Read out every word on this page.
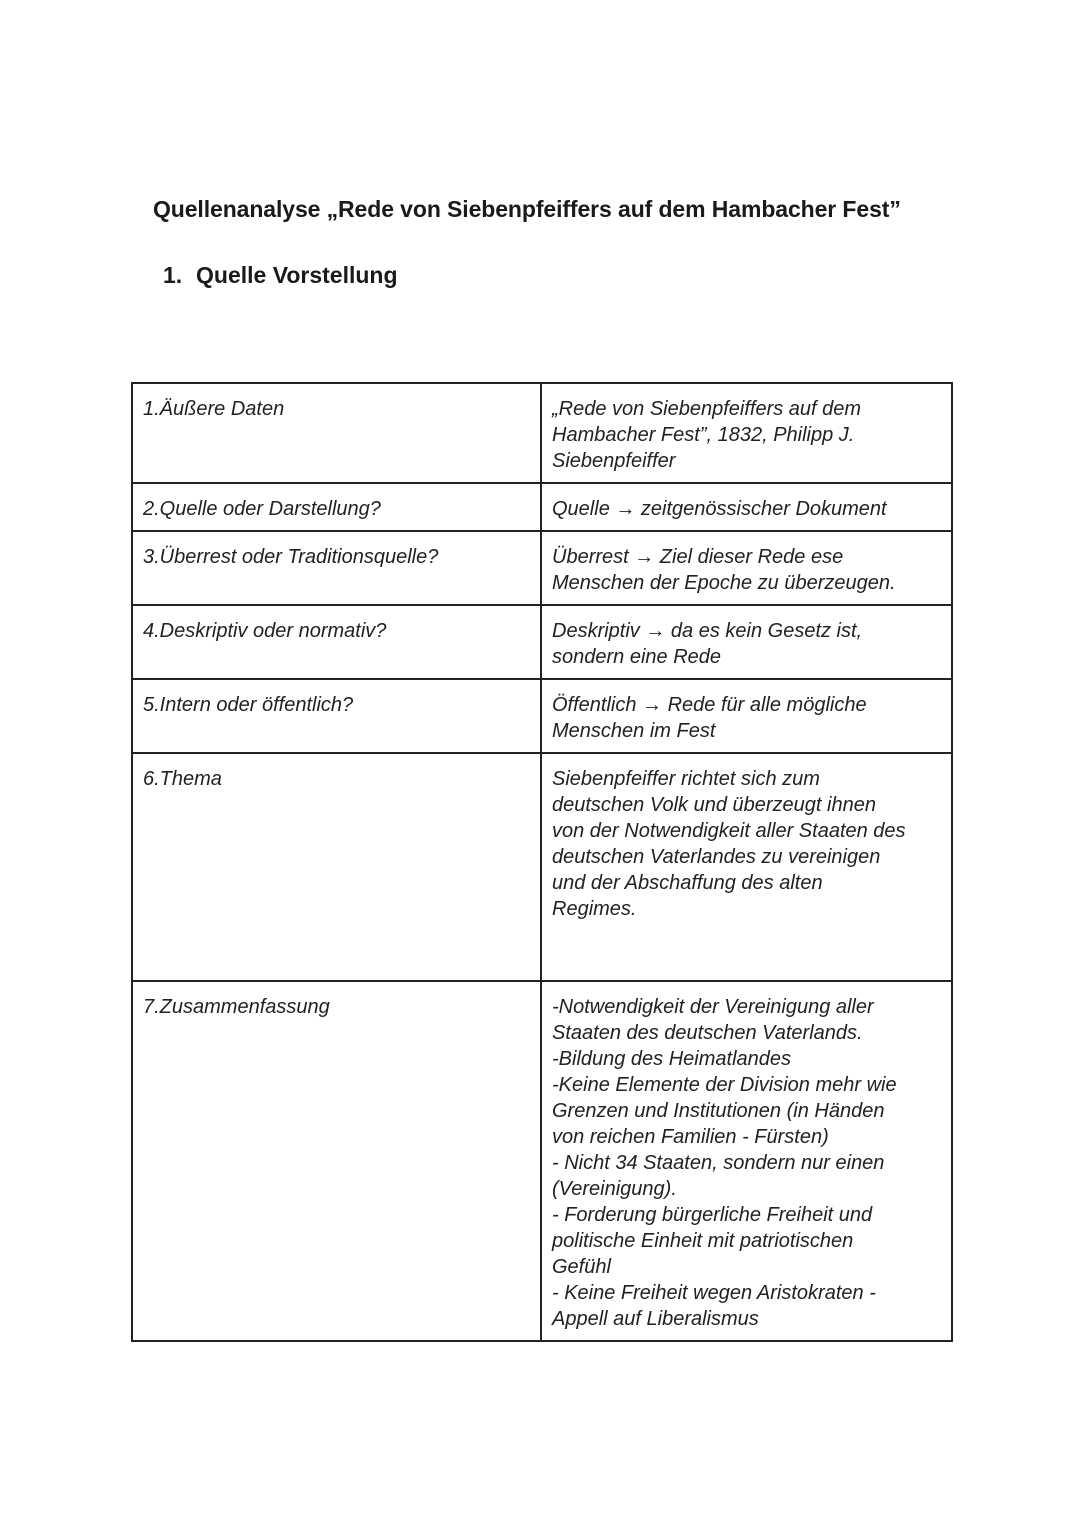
Quellenanalyse „Rede von Siebenpfeiffers auf dem Hambacher Fest”
1. Quelle Vorstellung
1.Äußere Daten	„Rede von Siebenpfeiffers auf dem
Hambacher Fest”, 1832, Philipp J.
Siebenpfeiffer

2.Quelle oder Darstellung?	Quelle → zeitgenössischer Dokument

3.Überrest oder Traditionsquelle?	Überrest → Ziel dieser Rede ese
Menschen der Epoche zu überzeugen.

4.Deskriptiv oder normativ?	Deskriptiv → da es kein Gesetz ist,
sondern eine Rede

5.Intern oder öffentlich?	Öffentlich → Rede für alle mögliche
Menschen im Fest

6.Thema	Siebenpfeiffer richtet sich zum
deutschen Volk und überzeugt ihnen
von der Notwendigkeit aller Staaten des
deutschen Vaterlandes zu vereinigen
und der Abschaffung des alten
Regimes.

7.Zusammenfassung	-Notwendigkeit der Vereinigung aller
Staaten des deutschen Vaterlands.
-Bildung des Heimatlandes
-Keine Elemente der Division mehr wie
Grenzen und Institutionen (in Händen
von reichen Familien - Fürsten)
- Nicht 34 Staaten, sondern nur einen
(Vereinigung).
- Forderung bürgerliche Freiheit und
politische Einheit mit patriotischen
Gefühl
- Keine Freiheit wegen Aristokraten -
Appell auf Liberalismus
